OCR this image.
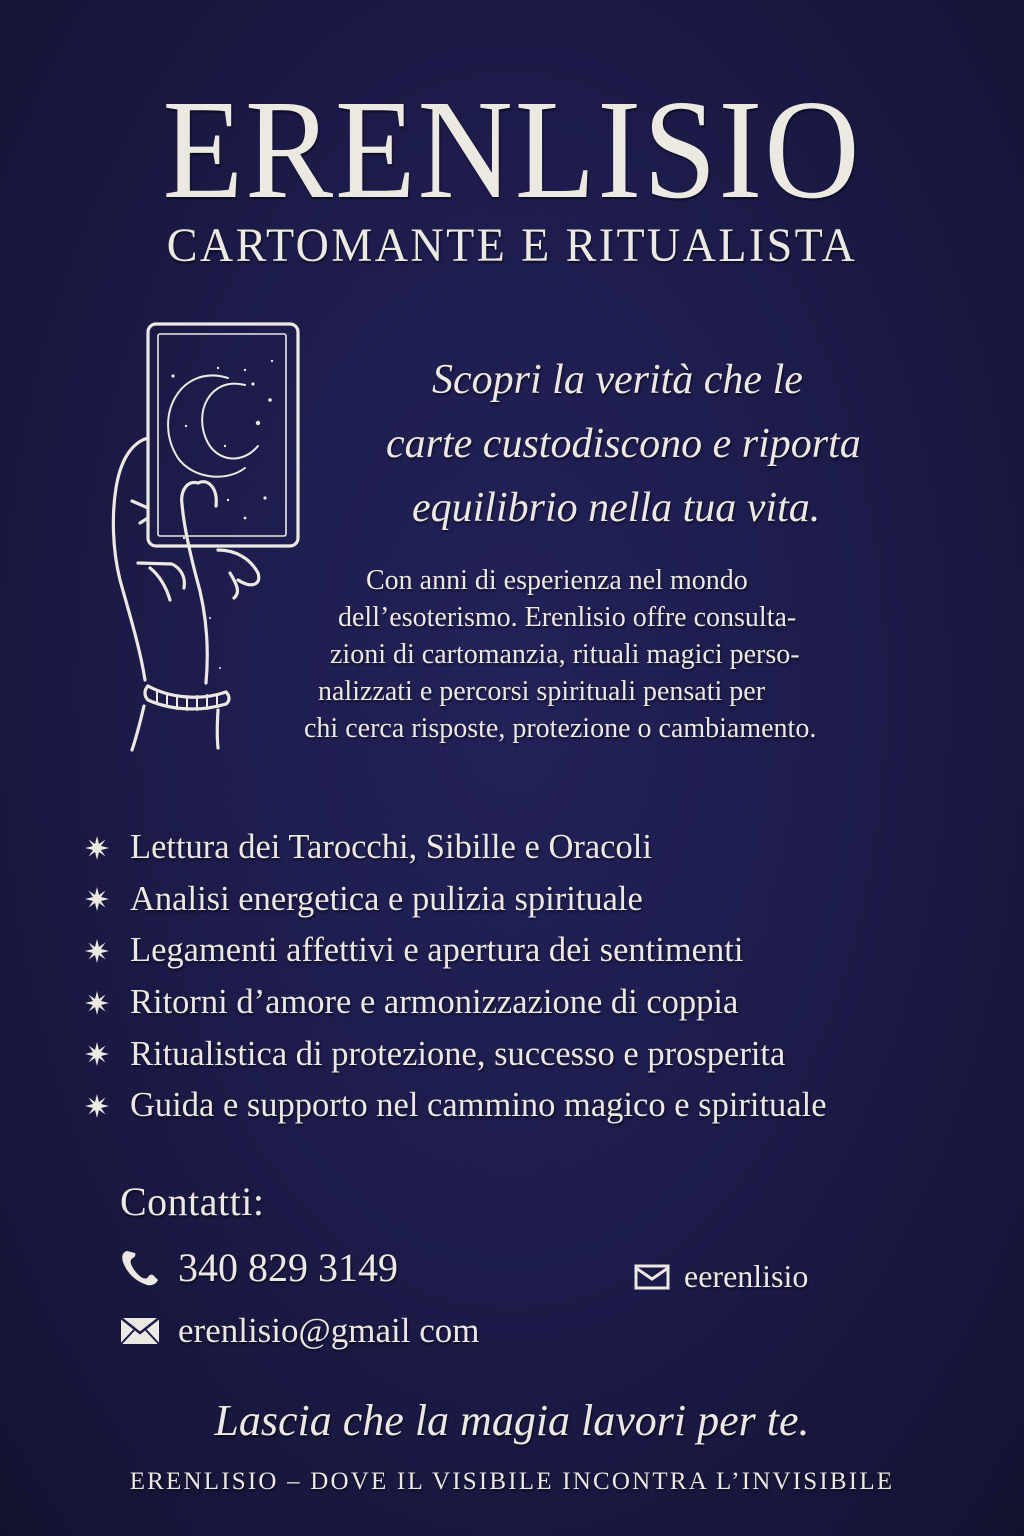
ERENLISIO
CARTOMANTE E RITUALISTA
Scopri la verità che le
carte custodiscono e riporta
equilibrio nella tua vita.
Con anni di esperienza nel mondo
dell’esoterismo. Erenlisio offre consulta-
zioni di cartomanzia, rituali magici perso-
nalizzati e percorsi spirituali pensati per
chi cerca risposte, protezione o cambiamento.
Lettura dei Tarocchi, Sibille e Oracoli
Analisi energetica e pulizia spirituale
Legamenti affettivi e apertura dei sentimenti
Ritorni d’amore e armonizzazione di coppia
Ritualistica di protezione, successo e prosperita
Guida e supporto nel cammino magico e spirituale
Contatti:
340 829 3149
erenlisio@gmail com
eerenlisio
Lascia che la magia lavori per te.
ERENLISIO – DOVE IL VISIBILE INCONTRA L’INVISIBILE
